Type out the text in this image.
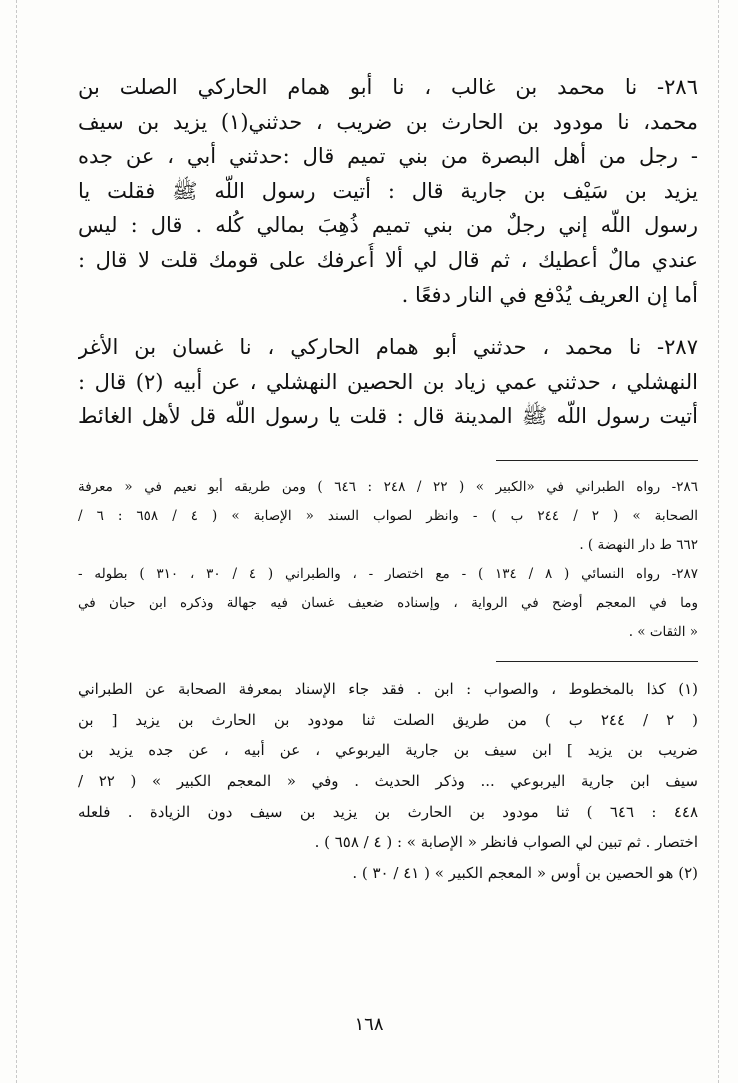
٢٨٦- نا محمد بن غالب ، نا أبو همام الحاركي الصلت بن
محمد، نا مودود بن الحارث بن ضريب ، حدثني(١) يزيد بن سيف
- رجل من أهل البصرة من بني تميم قال :حدثني أبي ، عن جده
يزيد بن سَيْف بن جارية قال : أتيت رسول اللّه ﷺ فقلت يا
رسول اللّه إني رجلٌ من بني تميم ذُهِبَ بمالي كُله . قال : ليس
عندي مالٌ أعطيك ، ثم قال لي ألا أُعرفك على قومك قلت لا قال :
أما إن العريف يُدْفع في النار دفعًا .
٢٨٧- نا محمد ، حدثني أبو همام الحاركي ، نا غسان بن الأغر
النهشلي ، حدثني عمي زياد بن الحصين النهشلي ، عن أبيه (٢) قال :
أتيت رسول اللّه ﷺ المدينة قال : قلت يا رسول اللّه قل لأهل الغائط
٢٨٦- رواه الطبراني في «الكبير » ( ٢٢ / ٢٤٨ : ٦٤٦ ) ومن طريقه أبو نعيم في « معرفة
الصحابة » ( ٢ / ٢٤٤ ب ) - وانظر لصواب السند « الإصابة » ( ٤ / ٦٥٨ : ٦ /
٦٦٢ ط دار النهضة ) .
٢٨٧- رواه النسائي ( ٨ / ١٣٤ ) - مع اختصار - ، والطبراني ( ٤ / ٣٠ ، ٣١٠ ) بطوله -
وما في المعجم أوضح في الرواية ، وإسناده ضعيف غسان فيه جهالة وذكره ابن حبان في
« الثقات » .
(١) كذا بالمخطوط ، والصواب : ابن . فقد جاء الإسناد بمعرفة الصحابة عن الطبراني
( ٢ / ٢٤٤ ب ) من طريق الصلت ثنا مودود بن الحارث بن يزيد [ بن
ضريب بن يزيد ] ابن سيف بن جارية اليربوعي ، عن أبيه ، عن جده يزيد بن
سيف ابن جارية اليربوعي ... وذكر الحديث . وفي « المعجم الكبير » ( ٢٢ /
٤٤٨ : ٦٤٦ ) ثنا مودود بن الحارث بن يزيد بن سيف دون الزيادة . فلعله
اختصار . ثم تبين لي الصواب فانظر « الإصابة » : ( ٤ / ٦٥٨ ) .
(٢) هو الحصين بن أوس « المعجم الكبير » ( ٤١ / ٣٠ ) .
١٦٨
